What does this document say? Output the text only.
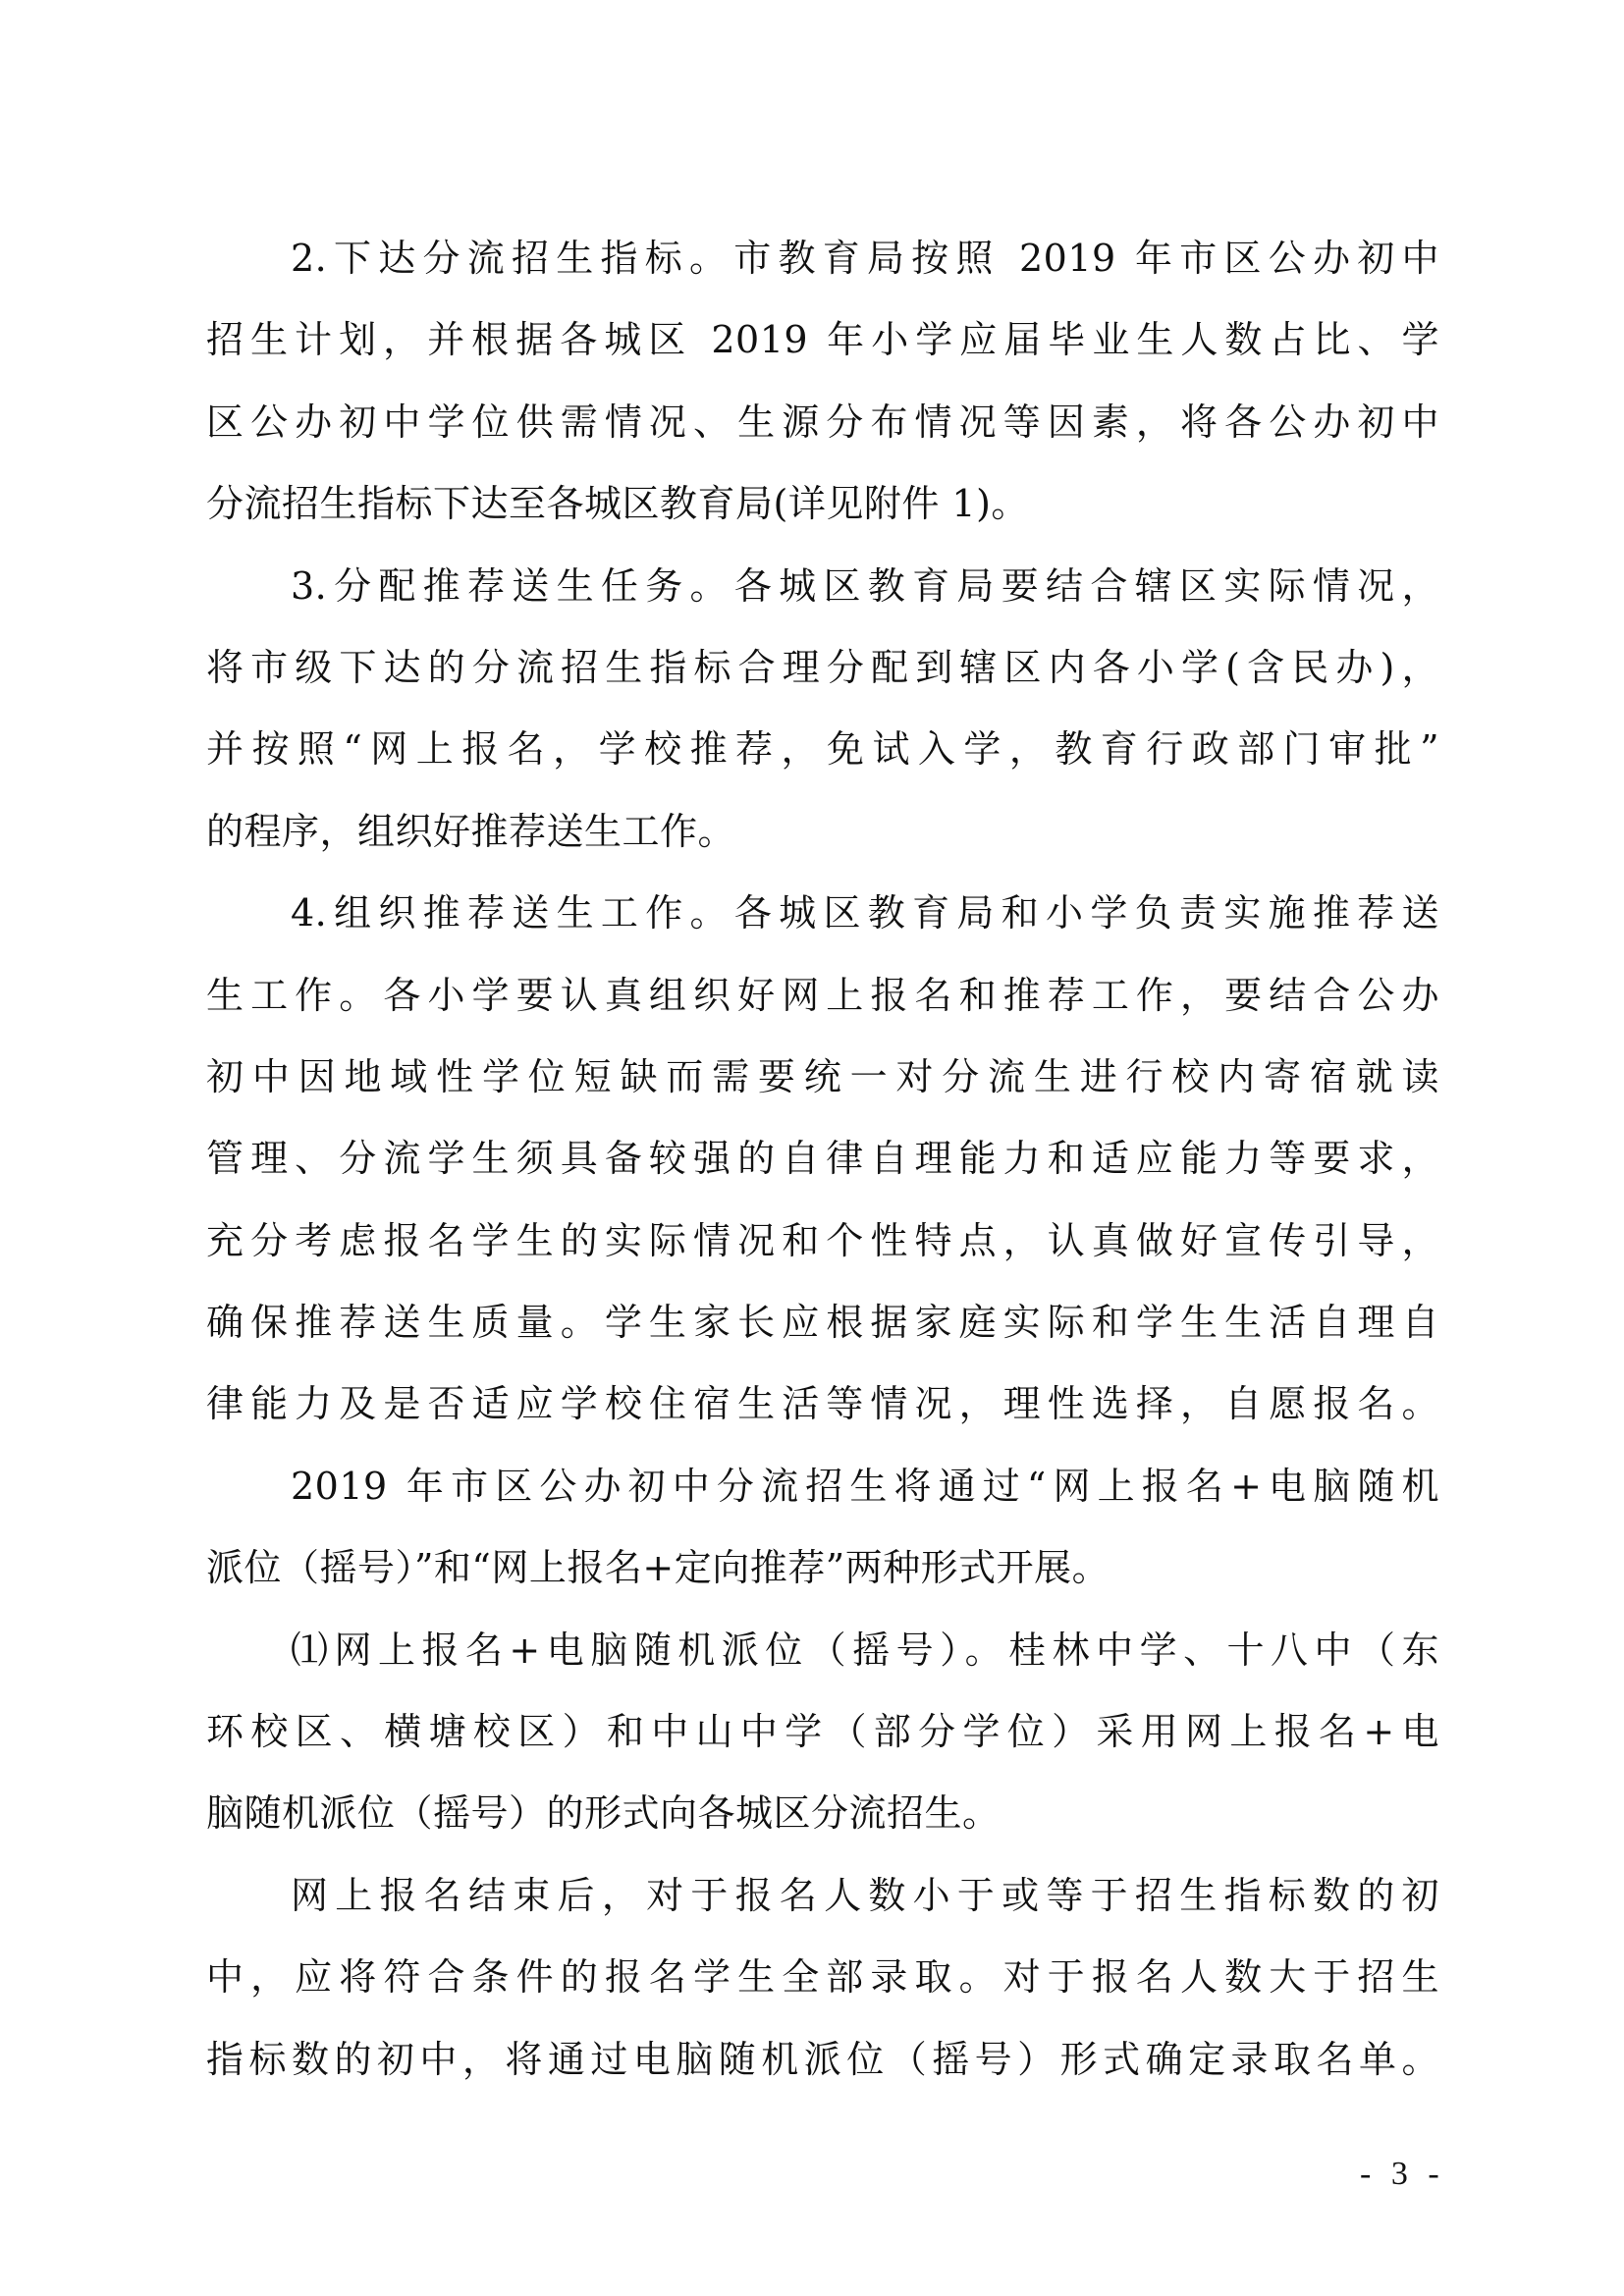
2.下达分流招生指标。市教育局按照 2019 年市区公办初中
招生计划，并根据各城区 2019 年小学应届毕业生人数占比、学
区公办初中学位供需情况、生源分布情况等因素，将各公办初中
分流招生指标下达至各城区教育局(详见附件 1)。
3.分配推荐送生任务。各城区教育局要结合辖区实际情况，
将市级下达的分流招生指标合理分配到辖区内各小学(含民办)，
并按照“网上报名，学校推荐，免试入学，教育行政部门审批”
的程序，组织好推荐送生工作。
4.组织推荐送生工作。各城区教育局和小学负责实施推荐送
生工作。各小学要认真组织好网上报名和推荐工作，要结合公办
初中因地域性学位短缺而需要统一对分流生进行校内寄宿就读
管理、分流学生须具备较强的自律自理能力和适应能力等要求，
充分考虑报名学生的实际情况和个性特点，认真做好宣传引导，
确保推荐送生质量。学生家长应根据家庭实际和学生生活自理自
律能力及是否适应学校住宿生活等情况，理性选择，自愿报名。
2019 年市区公办初中分流招生将通过“网上报名+电脑随机
派位（摇号）”和“网上报名+定向推荐”两种形式开展。
⑴网上报名+电脑随机派位（摇号）。桂林中学、十八中（东
环校区、横塘校区）和中山中学（部分学位）采用网上报名+电
脑随机派位（摇号）的形式向各城区分流招生。
网上报名结束后，对于报名人数小于或等于招生指标数的初
中，应将符合条件的报名学生全部录取。对于报名人数大于招生
指标数的初中，将通过电脑随机派位（摇号）形式确定录取名单。
- 3 -
